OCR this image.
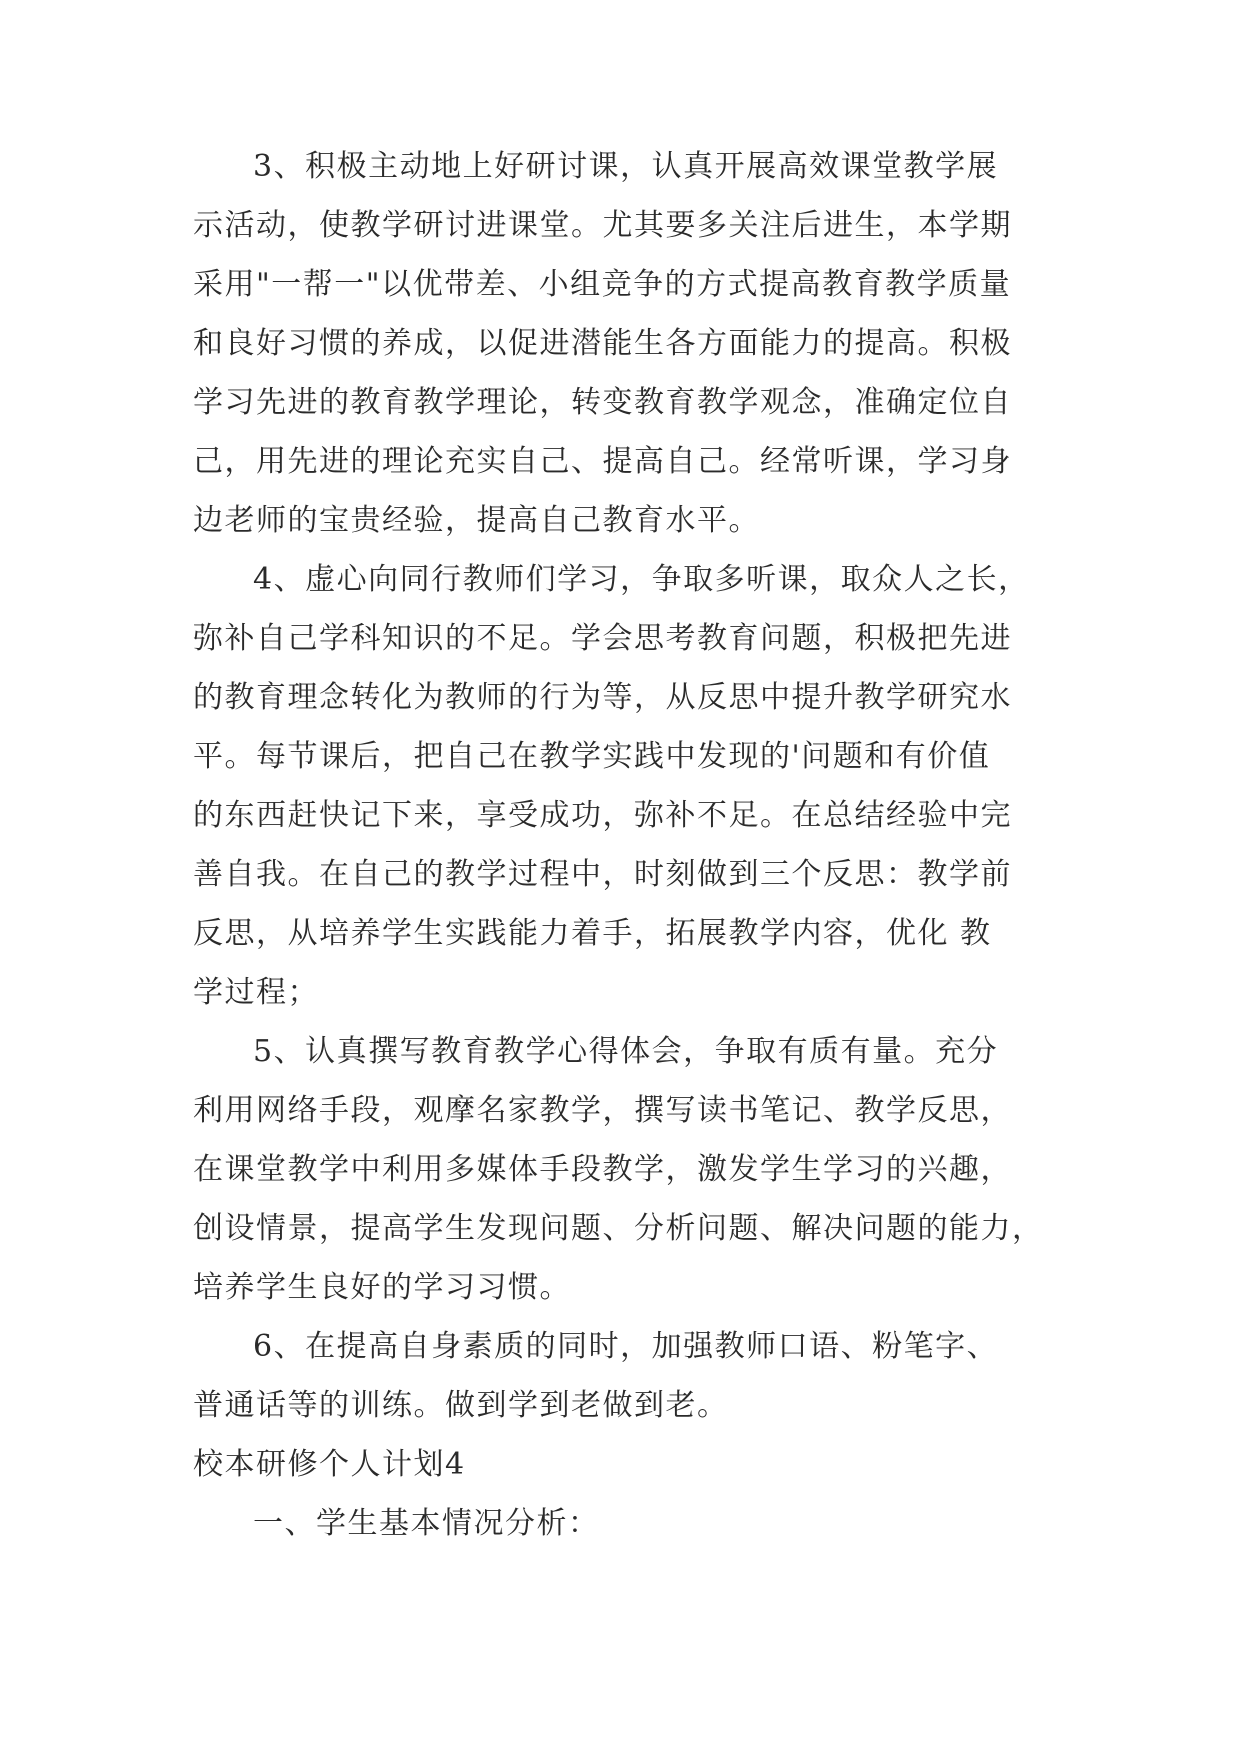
3、积极主动地上好研讨课，认真开展高效课堂教学展
示活动，使教学研讨进课堂。尤其要多关注后进生，本学期
采用"一帮一"以优带差、小组竞争的方式提高教育教学质量
和良好习惯的养成，以促进潜能生各方面能力的提高。积极
学习先进的教育教学理论，转变教育教学观念，准确定位自
己，用先进的理论充实自己、提高自己。经常听课，学习身
边老师的宝贵经验，提高自己教育水平。
4、虚心向同行教师们学习，争取多听课，取众人之长，
弥补自己学科知识的不足。学会思考教育问题，积极把先进
的教育理念转化为教师的行为等，从反思中提升教学研究水
平。每节课后，把自己在教学实践中发现的'问题和有价值
的东西赶快记下来，享受成功，弥补不足。在总结经验中完
善自我。在自己的教学过程中，时刻做到三个反思：教学前
反思，从培养学生实践能力着手，拓展教学内容，优化 教
学过程；
5、认真撰写教育教学心得体会，争取有质有量。充分
利用网络手段，观摩名家教学，撰写读书笔记、教学反思，
在课堂教学中利用多媒体手段教学，激发学生学习的兴趣，
创设情景，提高学生发现问题、分析问题、解决问题的能力，
培养学生良好的学习习惯。
6、在提高自身素质的同时，加强教师口语、粉笔字、
普通话等的训练。做到学到老做到老。
校本研修个人计划4
一、学生基本情况分析：
